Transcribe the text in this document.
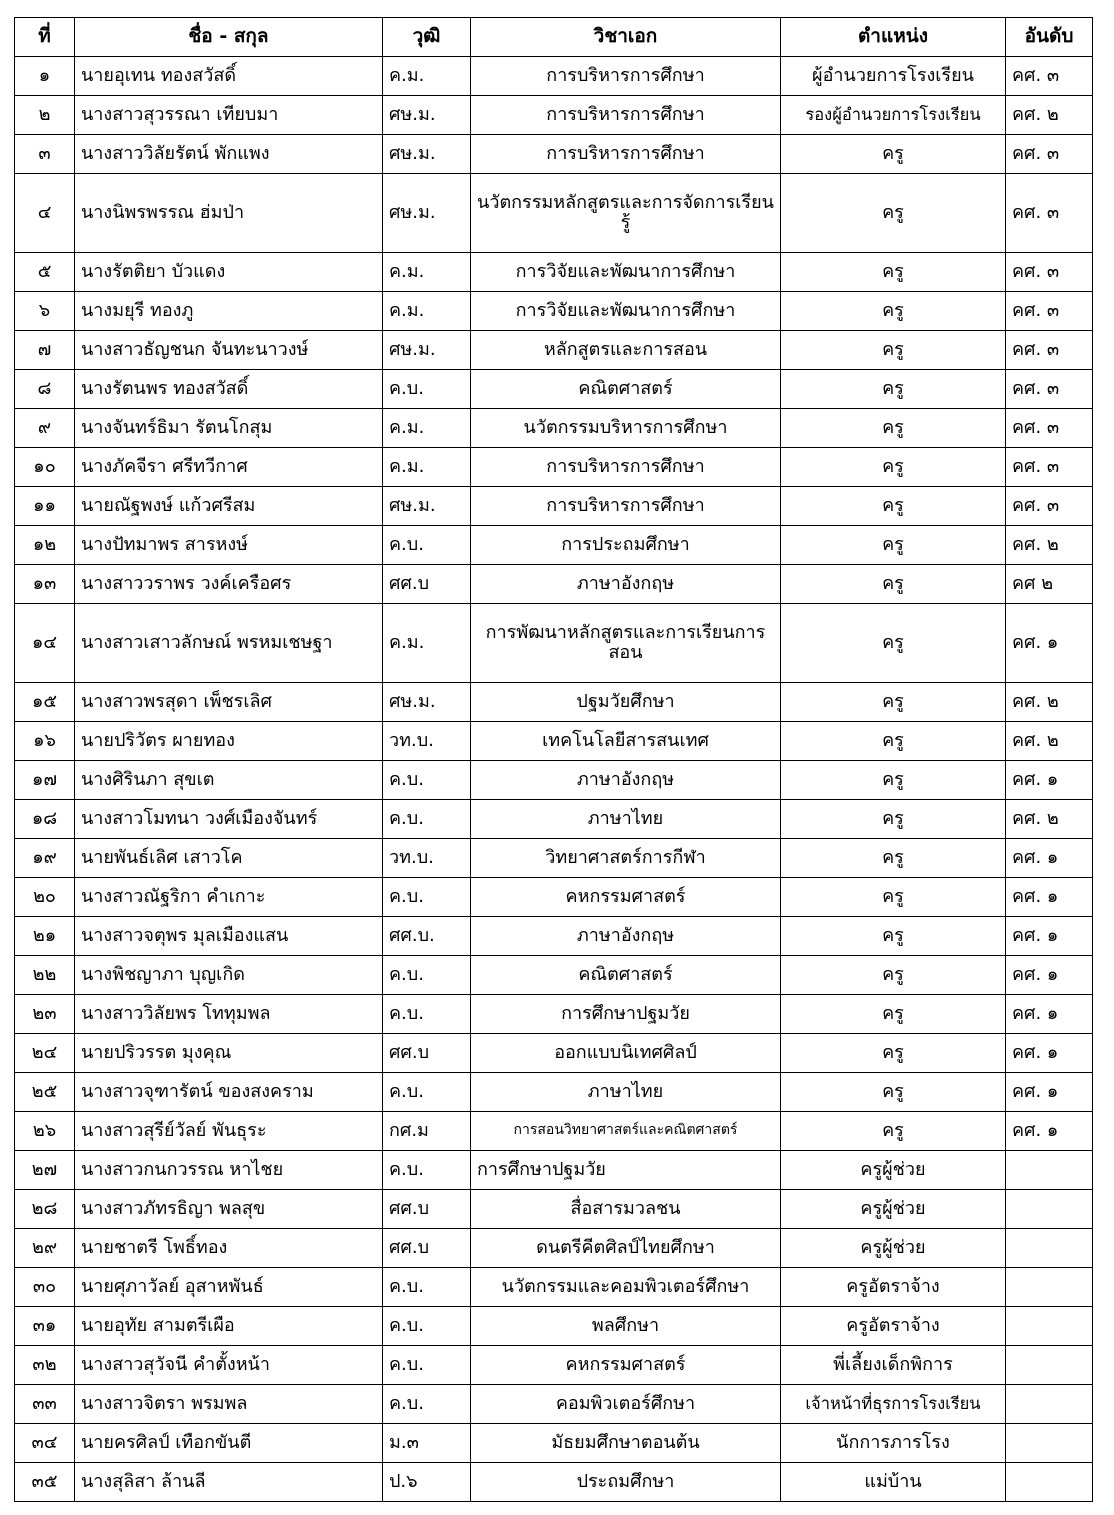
ที่	ชื่อ - สกุล	วุฒิ	วิชาเอก	ตำแหน่ง	อันดับ
๑	นายอุเทน ทองสวัสดิ์	ค.ม.	การบริหารการศึกษา	ผู้อำนวยการโรงเรียน	คศ. ๓
๒	นางสาวสุวรรณา เทียบมา	ศษ.ม.	การบริหารการศึกษา	รองผู้อำนวยการโรงเรียน	คศ. ๒
๓	นางสาววิลัยรัตน์ พักแพง	ศษ.ม.	การบริหารการศึกษา	ครู	คศ. ๓
๔	นางนิพรพรรณ ฮ่มป่า	ศษ.ม.	นวัตกรรมหลักสูตรและการจัดการเรียนรู้	ครู	คศ. ๓
๕	นางรัตติยา บัวแดง	ค.ม.	การวิจัยและพัฒนาการศึกษา	ครู	คศ. ๓
๖	นางมยุรี ทองภู	ค.ม.	การวิจัยและพัฒนาการศึกษา	ครู	คศ. ๓
๗	นางสาวธัญชนก จันทะนาวงษ์	ศษ.ม.	หลักสูตรและการสอน	ครู	คศ. ๓
๘	นางรัตนพร ทองสวัสดิ์	ค.บ.	คณิตศาสตร์	ครู	คศ. ๓
๙	นางจันทร์ธิมา รัตนโกสุม	ค.ม.	นวัตกรรมบริหารการศึกษา	ครู	คศ. ๓
๑๐	นางภัคจีรา ศรีทวีกาศ	ค.ม.	การบริหารการศึกษา	ครู	คศ. ๓
๑๑	นายณัฐพงษ์ แก้วศรีสม	ศษ.ม.	การบริหารการศึกษา	ครู	คศ. ๓
๑๒	นางปัทมาพร สารหงษ์	ค.บ.	การประถมศึกษา	ครู	คศ. ๒
๑๓	นางสาววราพร วงค์เครือศร	ศศ.บ	ภาษาอังกฤษ	ครู	คศ ๒
๑๔	นางสาวเสาวลักษณ์ พรหมเชษฐา	ค.ม.	การพัฒนาหลักสูตรและการเรียนการสอน	ครู	คศ. ๑
๑๕	นางสาวพรสุดา เพ็ชรเลิศ	ศษ.ม.	ปฐมวัยศึกษา	ครู	คศ. ๒
๑๖	นายปริวัตร ผายทอง	วท.บ.	เทคโนโลยีสารสนเทศ	ครู	คศ. ๒
๑๗	นางศิรินภา สุขเต	ค.บ.	ภาษาอังกฤษ	ครู	คศ. ๑
๑๘	นางสาวโมทนา วงศ์เมืองจันทร์	ค.บ.	ภาษาไทย	ครู	คศ. ๒
๑๙	นายพันธ์เลิศ เสาวโค	วท.บ.	วิทยาศาสตร์การกีฬา	ครู	คศ. ๑
๒๐	นางสาวณัฐริกา คำเกาะ	ค.บ.	คหกรรมศาสตร์	ครู	คศ. ๑
๒๑	นางสาวจตุพร มุลเมืองแสน	ศศ.บ.	ภาษาอังกฤษ	ครู	คศ. ๑
๒๒	นางพิชญาภา บุญเกิด	ค.บ.	คณิตศาสตร์	ครู	คศ. ๑
๒๓	นางสาววิลัยพร โททุมพล	ค.บ.	การศึกษาปฐมวัย	ครู	คศ. ๑
๒๔	นายปริวรรต มุงคุณ	ศศ.บ	ออกแบบนิเทศศิลป์	ครู	คศ. ๑
๒๕	นางสาวจุฑารัตน์ ของสงคราม	ค.บ.	ภาษาไทย	ครู	คศ. ๑
๒๖	นางสาวสุรีย์วัลย์ พันธุระ	กศ.ม	การสอนวิทยาศาสตร์และคณิตศาสตร์	ครู	คศ. ๑
๒๗	นางสาวกนกวรรณ หาไชย	ค.บ.	การศึกษาปฐมวัย	ครูผู้ช่วย	
๒๘	นางสาวภัทรธิญา พลสุข	ศศ.บ	สื่อสารมวลชน	ครูผู้ช่วย	
๒๙	นายชาตรี โพธิ์ทอง	ศศ.บ	ดนตรีคีตศิลป์ไทยศึกษา	ครูผู้ช่วย	
๓๐	นายศุภาวัลย์ อุสาหพันธ์	ค.บ.	นวัตกรรมและคอมพิวเตอร์ศึกษา	ครูอัตราจ้าง	
๓๑	นายอุทัย สามตรีเผือ	ค.บ.	พลศึกษา	ครูอัตราจ้าง	
๓๒	นางสาวสุวัจนี คำตั้งหน้า	ค.บ.	คหกรรมศาสตร์	พี่เลี้ยงเด็กพิการ	
๓๓	นางสาวจิตรา พรมพล	ค.บ.	คอมพิวเตอร์ศึกษา	เจ้าหน้าที่ธุรการโรงเรียน	
๓๔	นายครศิลป์ เทือกขันตี	ม.๓	มัธยมศึกษาตอนต้น	นักการภารโรง	
๓๕	นางสุลิสา ล้านลี	ป.๖	ประถมศึกษา	แม่บ้าน	
